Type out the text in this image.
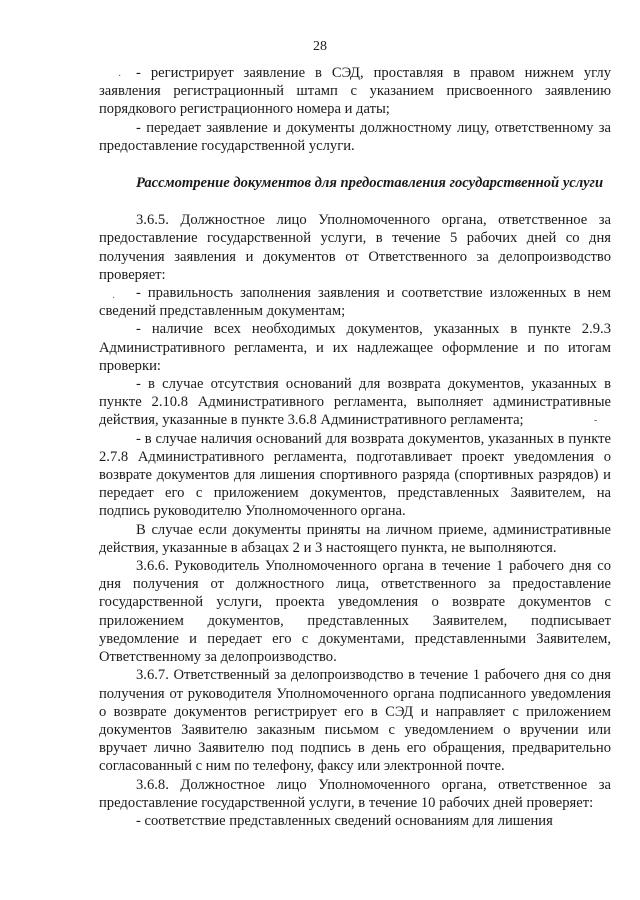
28
·
·
-

- регистрирует заявление в СЭД, проставляя в правом нижнем углу заявления регистрационный штамп с указанием присвоенного заявлению порядкового регистрационного номера и даты;

- передает заявление и документы должностному лицу, ответственному за предоставление государственной услуги.

Рассмотрение документов для предоставления государственной услуги

3.6.5. Должностное лицо Уполномоченного органа, ответственное за предоставление государственной услуги, в течение 5 рабочих дней со дня получения заявления и документов от Ответственного за делопроизводство проверяет:

- правильность заполнения заявления и соответствие изложенных в нем сведений представленным документам;

- наличие всех необходимых документов, указанных в пункте 2.9.3 Административного регламента, и их надлежащее оформление и по итогам проверки:

- в случае отсутствия оснований для возврата документов, указанных в пункте 2.10.8 Административного регламента, выполняет административные действия, указанные в пункте 3.6.8 Административного регламента;

- в случае наличия оснований для возврата документов, указанных в пункте 2.7.8 Административного регламента, подготавливает проект уведомления о возврате документов для лишения спортивного разряда (спортивных разрядов) и передает его с приложением документов, представленных Заявителем, на подпись руководителю Уполномоченного органа.

В случае если документы приняты на личном приеме, административные действия, указанные в абзацах 2 и 3 настоящего пункта, не выполняются.

3.6.6. Руководитель Уполномоченного органа в течение 1 рабочего дня со дня получения от должностного лица, ответственного за предоставление государственной услуги, проекта уведомления о возврате документов с приложением документов, представленных Заявителем, подписывает уведомление и передает его с документами, представленными Заявителем, Ответственному за делопроизводство.

3.6.7. Ответственный за делопроизводство в течение 1 рабочего дня со дня получения от руководителя Уполномоченного органа подписанного уведомления о возврате документов регистрирует его в СЭД и направляет с приложением документов Заявителю заказным письмом с уведомлением о вручении или вручает лично Заявителю под подпись в день его обращения, предварительно согласованный с ним по телефону, факсу или электронной почте.

3.6.8. Должностное лицо Уполномоченного органа, ответственное за предоставление государственной услуги, в течение 10 рабочих дней проверяет:

- соответствие представленных сведений основаниям для лишения
